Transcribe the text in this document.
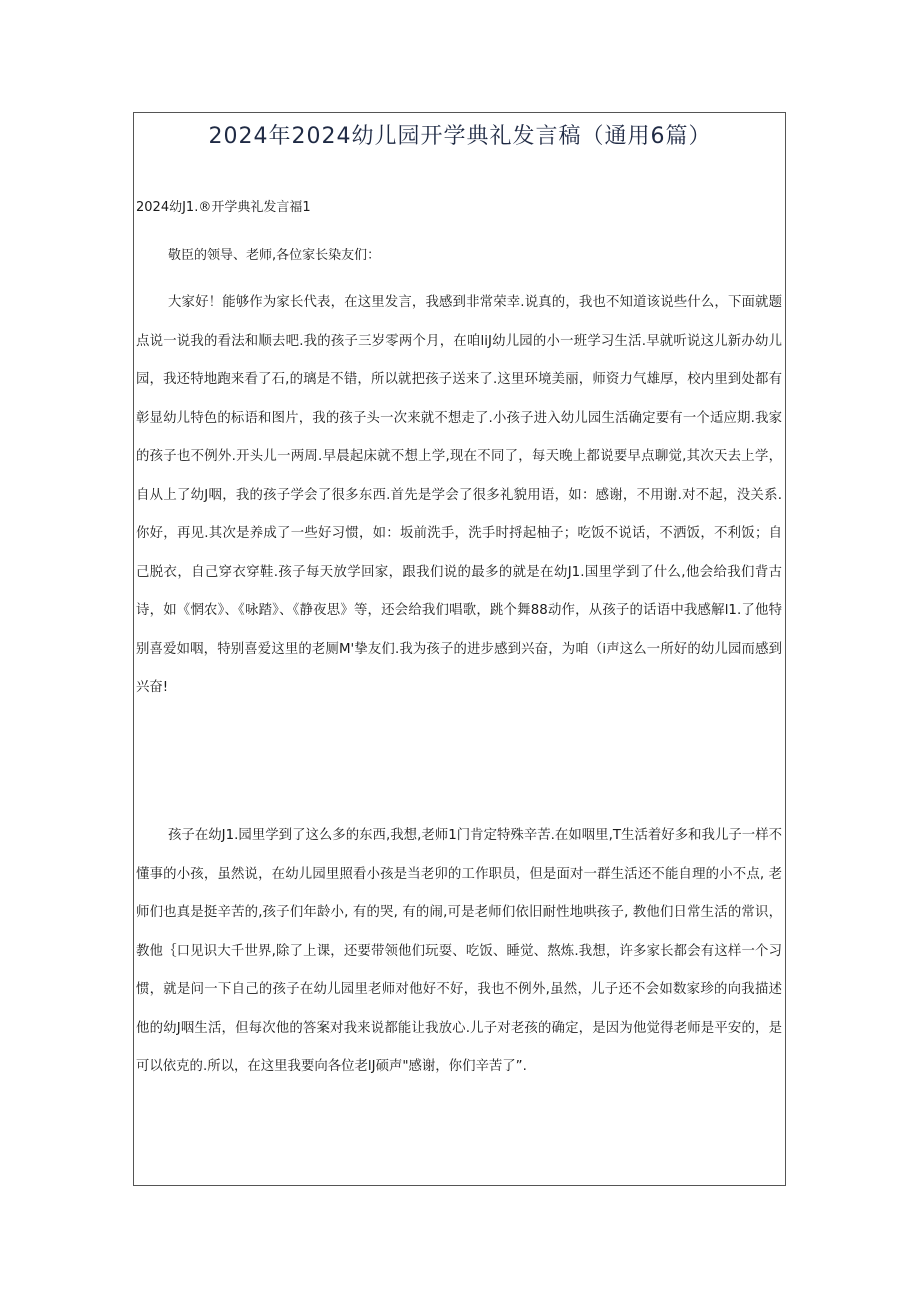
2024年2024幼儿园开学典礼发言稿（通用6篇）

2024幼J1.®开学典礼发言福1

敬臣的领导、老师,各位家长染友们：

大家好！能够作为家长代表，在这里发言，我感到非常荣幸.说真的，我也不知道该说些什么，下面就题点说一说我的看法和顺去吧.我的孩子三岁零两个月，在咱liJ幼儿园的小一班学习生活.早就听说这儿新办幼儿园，我还特地跑来看了石,的璃是不错，所以就把孩子送来了.这里环境美丽，师资力气雄厚，校内里到处都有彰显幼儿特色的标语和图片，我的孩子头一次来就不想走了.小孩子进入幼儿园生活确定要有一个适应期.我家的孩子也不例外.开头儿一两周.早晨起床就不想上学,现在不同了，每天晚上都说要早点聊觉,其次天去上学，自从上了幼J咽，我的孩子学会了很多东西.首先是学会了很多礼貌用语，如：感谢，不用谢.对不起，没关系.你好，再见.其次是养成了一些好习惯，如：坂前洗手，洗手时捋起柚子；吃饭不说话，不洒饭，不利饭；自己脱衣，自己穿衣穿鞋.孩子每天放学回家，跟我们说的最多的就是在幼J1.国里学到了什么,他会给我们背古诗，如《惘农》、《咏踏》、《静夜思》等，还会给我们唱歌，跳个舞88动作，从孩子的话语中我感解l1.了他特别喜爱如咽，特别喜爱这里的老厕M'挚友们.我为孩子的进步感到兴奋，为咱（i声这么一所好的幼儿园而感到兴奋!

孩子在幼J1.园里学到了这么多的东西,我想,老师1门肯定特殊辛苦.在如咽里,T生活着好多和我儿子一样不懂事的小孩，虽然说，在幼儿园里照看小孩是当老卯的工作职员，但是面对一群生活还不能自理的小不点, 老师们也真是挺辛苦的,孩子们年龄小, 有的哭, 有的闹,可是老师们依旧耐性地哄孩子, 教他们日常生活的常识，教他｛口见识大千世界,除了上课，还要带领他们玩耍、吃饭、睡觉、熬炼.我想，许多家长都会有这样一个习惯，就是问一下自己的孩子在幼儿园里老师对他好不好，我也不例外,虽然，儿子还不会如数家珍的向我描述他的幼J咽生活，但每次他的答案对我来说都能让我放心.儿子对老孩的确定，是因为他觉得老师是平安的，是可以依克的.所以，在这里我要向各位老lJ硕声"感谢，你们辛苦了”.
